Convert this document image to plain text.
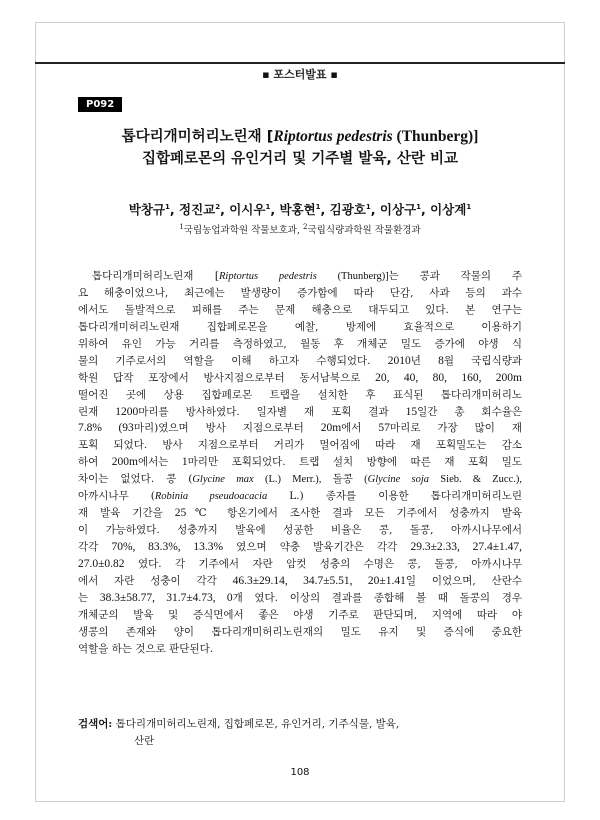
▪ 포스터발표 ▪
P092
톱다리개미허리노린재 [Riptortus pedestris (Thunberg)]
집합페로몬의 유인거리 및 기주별 발육, 산란 비교
박창규$^1$, 정진교$^2$, 이시우$^1$, 박홍현$^1$, 김광호$^1$, 이상구$^1$, 이상계$^1$
$^1$국립농업과학원 작물보호과, $^2$국립식량과학원 작물환경과
톱다리개미허리노린재 [Riptortus pedestris (Thunberg)]는 콩과 작물의 주
요 해충이었으나, 최근에는 발생량이 증가함에 따라 단감, 사과 등의 과수
에서도 돌발적으로 피해를 주는 문제 해충으로 대두되고 있다. 본 연구는
톱다리개미허리노린재 집합페로몬을 예찰, 방제에 효율적으로 이용하기
위하여 유인 가능 거리를 측정하였고, 월동 후 개체군 밀도 증가에 야생 식
물의 기주로서의 역할을 이해 하고자 수행되었다. 2010년 8월 국립식량과
학원 답작 포장에서 방사지점으로부터 동서남북으로 20, 40, 80, 160, 200m
떨어진 곳에 상용 집합페로몬 트랩을 설치한 후 표식된 톱다리개미허리노
린재 1200마리를 방사하였다. 일자별 재 포획 결과 15일간 총 회수율은
7.8% (93마리)였으며 방사 지점으로부터 20m에서 57마리로 가장 많이 재
포획 되었다. 방사 지점으로부터 거리가 멀어짐에 따라 재 포획밀도는 감소
하여 200m에서는 1마리만 포획되었다. 트랩 설치 방향에 따른 재 포획 밀도
차이는 없었다. 콩 (Glycine max (L.) Merr.), 돌콩 (Glycine soja Sieb. & Zucc.),
아까시나무 (Robinia pseudoacacia L.) 종자를 이용한 톱다리개미허리노린
재 발육 기간을 25℃ 항온기에서 조사한 결과 모든 기주에서 성충까지 발육
이 가능하였다. 성충까지 발육에 성공한 비율은 콩, 돌콩, 아까시나무에서
각각 70%, 83.3%, 13.3% 였으며 약충 발육기간은 각각 29.3±2.33, 27.4±1.47,
27.0±0.82 였다. 각 기주에서 자란 암컷 성충의 수명은 콩, 돌콩, 아까시나무
에서 자란 성충이 각각 46.3±29.14, 34.7±5.51, 20±1.41일 이었으며, 산란수
는 38.3±58.77, 31.7±4.73, 0개 였다. 이상의 결과를 종합해 볼 때 돌콩의 경우
개체군의 발육 및 증식면에서 좋은 야생 기주로 판단되며, 지역에 따라 야
생콩의 존재와 양이 톱다리개미허리노린재의 밀도 유지 및 증식에 중요한
역할을 하는 것으로 판단된다.
검색어: 톱다리개미허리노린재, 집합페로몬, 유인거리, 기주식물, 발육,
산란
108
